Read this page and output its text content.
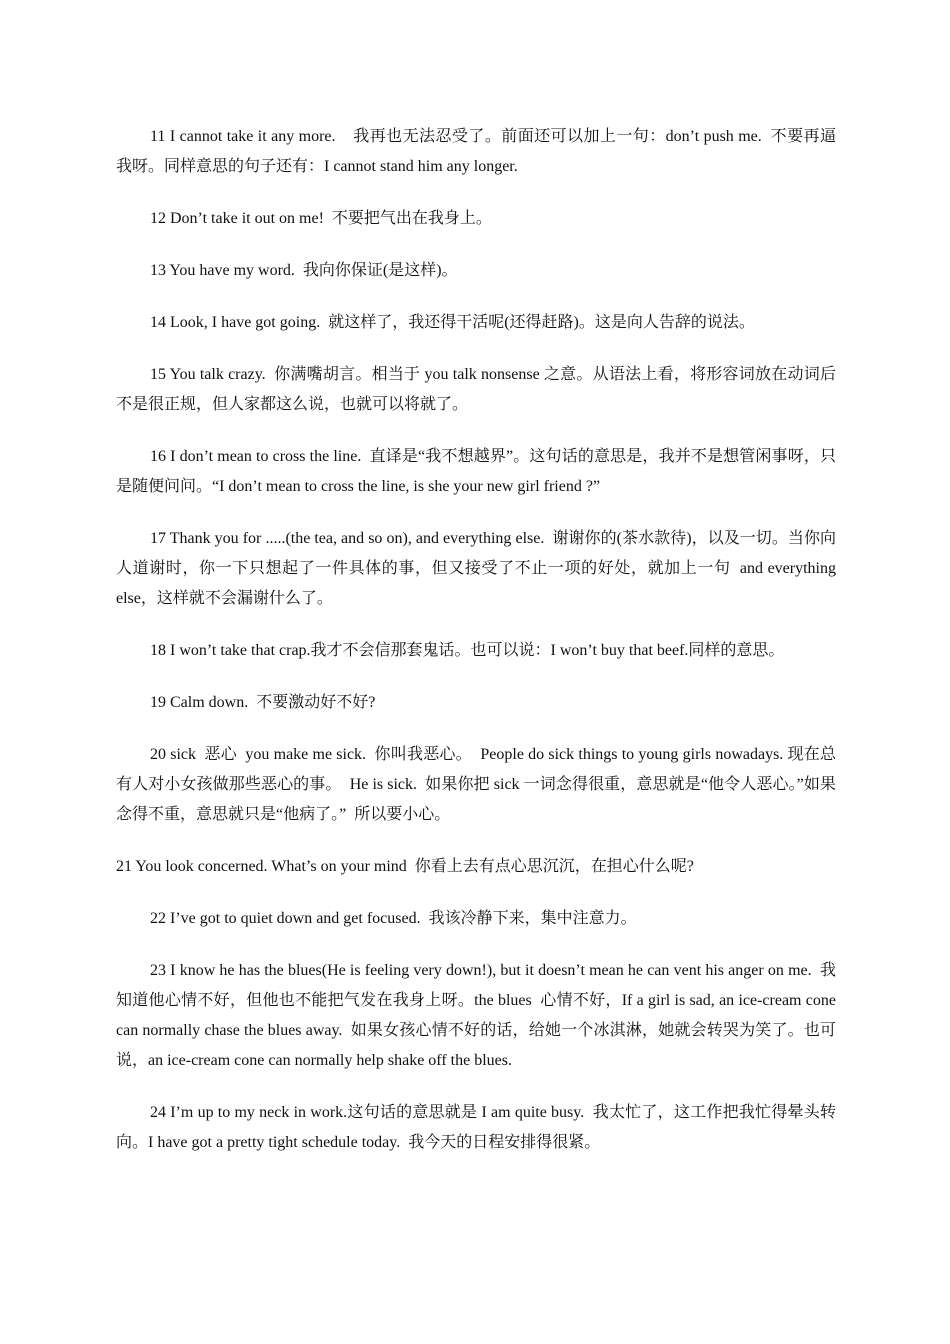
11 I cannot take it any more.    我再也无法忍受了。前面还可以加上一句：don’t push me.  不要再逼我呀。同样意思的句子还有：I cannot stand him any longer.

12 Don’t take it out on me!  不要把气出在我身上。

13 You have my word.  我向你保证(是这样)。

14 Look, I have got going.  就这样了，我还得干活呢(还得赶路)。这是向人告辞的说法。

15 You talk crazy.  你满嘴胡言。相当于 you talk nonsense 之意。从语法上看，将形容词放在动词后不是很正规，但人家都这么说，也就可以将就了。

16 I don’t mean to cross the line.  直译是“我不想越界”。这句话的意思是，我并不是想管闲事呀，只是随便问问。“I don’t mean to cross the line, is she your new girl friend ?”

17 Thank you for .....(the tea, and so on), and everything else.  谢谢你的(茶水款待)，以及一切。当你向人道谢时，你一下只想起了一件具体的事，但又接受了不止一项的好处，就加上一句  and everything else，这样就不会漏谢什么了。

18 I won’t take that crap.我才不会信那套鬼话。也可以说：I won’t buy that beef.同样的意思。

19 Calm down.  不要激动好不好?

20 sick  恶心  you make me sick.  你叫我恶心。  People do sick things to young girls nowadays. 现在总有人对小女孩做那些恶心的事。  He is sick.  如果你把 sick 一词念得很重，意思就是“他令人恶心。”如果念得不重，意思就只是“他病了。”  所以要小心。

21 You look concerned. What’s on your mind  你看上去有点心思沉沉，在担心什么呢?

22 I’ve got to quiet down and get focused.  我该冷静下来，集中注意力。

23 I know he has the blues(He is feeling very down!), but it doesn’t mean he can vent his anger on me.  我知道他心情不好，但他也不能把气发在我身上呀。the blues  心情不好，If a girl is sad, an ice-cream cone can normally chase the blues away.  如果女孩心情不好的话，给她一个冰淇淋，她就会转哭为笑了。也可说，an ice-cream cone can normally help shake off the blues.

24 I’m up to my neck in work.这句话的意思就是 I am quite busy.  我太忙了，这工作把我忙得晕头转向。I have got a pretty tight schedule today.  我今天的日程安排得很紧。
